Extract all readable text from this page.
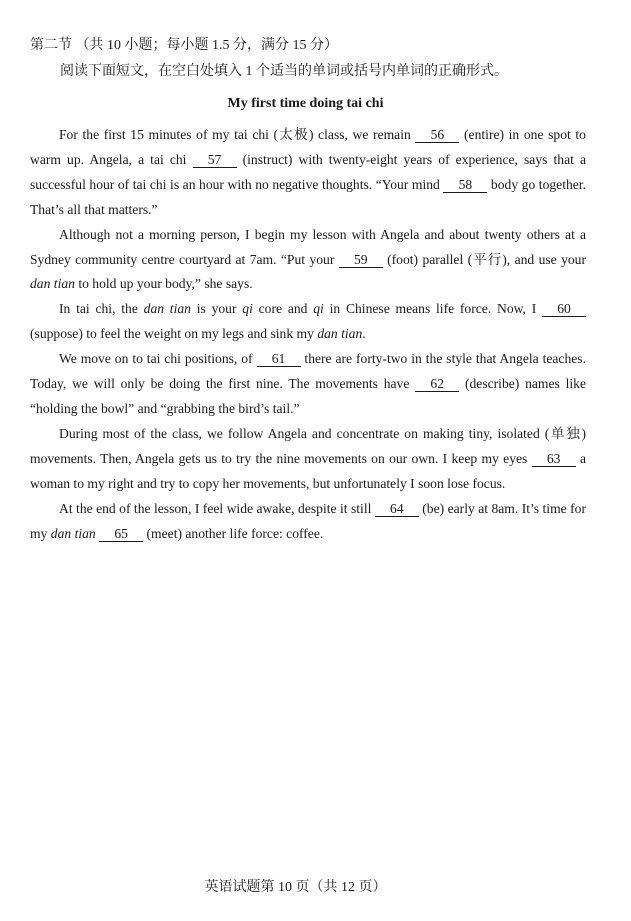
第二节 （共 10 小题；每小题 1.5 分，满分 15 分）
阅读下面短文，在空白处填入 1 个适当的单词或括号内单词的正确形式。
My first time doing tai chi

For the first 15 minutes of my tai chi (太极) class, we remain 56 (entire) in one spot to warm up. Angela, a tai chi 57 (instruct) with twenty-eight years of experience, says that a successful hour of tai chi is an hour with no negative thoughts. “Your mind 58 body go together. That’s all that matters.”

Although not a morning person, I begin my lesson with Angela and about twenty others at a Sydney community centre courtyard at 7am. “Put your 59 (foot) parallel (平行), and use your dan tian to hold up your body,” she says.

In tai chi, the dan tian is your qi core and qi in Chinese means life force. Now, I 60 (suppose) to feel the weight on my legs and sink my dan tian.

We move on to tai chi positions, of 61 there are forty-two in the style that Angela teaches. Today, we will only be doing the first nine. The movements have 62 (describe) names like “holding the bowl” and “grabbing the bird’s tail.”

During most of the class, we follow Angela and concentrate on making tiny, isolated (单独) movements. Then, Angela gets us to try the nine movements on our own. I keep my eyes 63 a woman to my right and try to copy her movements, but unfortunately I soon lose focus.

At the end of the lesson, I feel wide awake, despite it still 64 (be) early at 8am. It’s time for my dan tian 65 (meet) another life force: coffee.

英语试题第 10 页（共 12 页）
